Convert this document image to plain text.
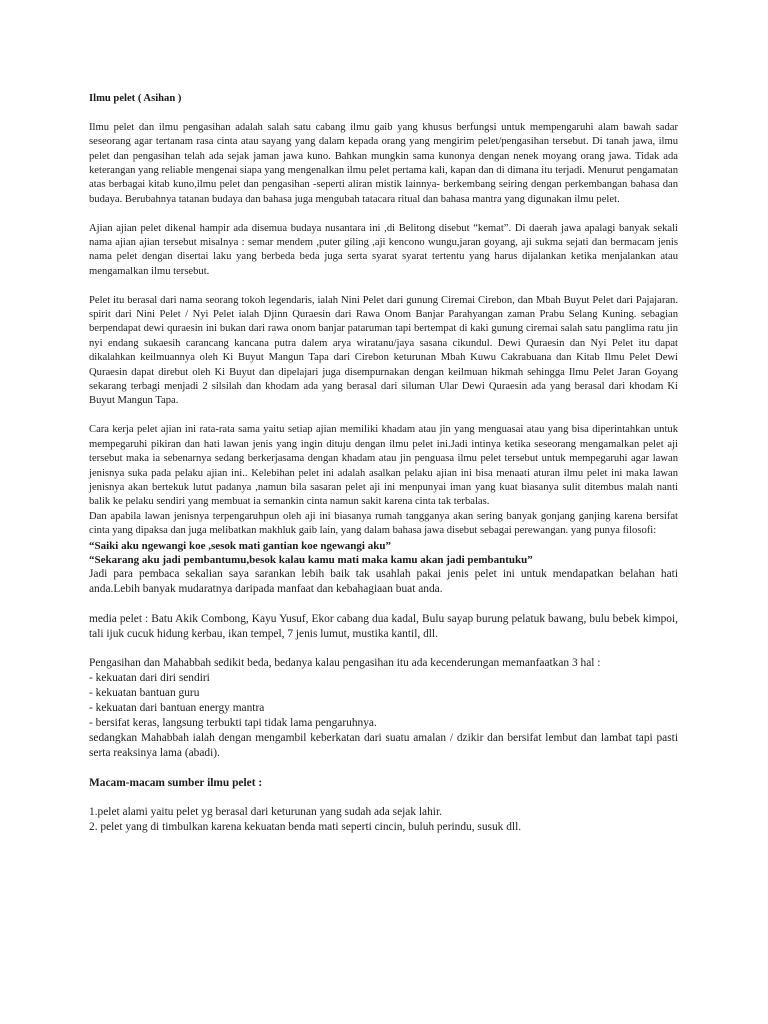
Ilmu pelet ( Asihan )

Ilmu pelet dan ilmu pengasihan adalah salah satu cabang ilmu gaib yang khusus berfungsi untuk mempengaruhi alam bawah sadar seseorang agar tertanam rasa cinta atau sayang yang dalam kepada orang yang mengirim pelet/pengasihan tersebut. Di tanah jawa, ilmu pelet dan pengasihan telah ada sejak jaman jawa kuno. Bahkan mungkin sama kunonya dengan nenek moyang orang jawa. Tidak ada keterangan yang reliable mengenai siapa yang mengenalkan ilmu pelet pertama kali, kapan dan di dimana itu terjadi. Menurut pengamatan atas berbagai kitab kuno,ilmu pelet dan pengasihan -seperti aliran mistik lainnya- berkembang seiring dengan perkembangan bahasa dan budaya. Berubahnya tatanan budaya dan bahasa juga mengubah tatacara ritual dan bahasa mantra yang digunakan ilmu pelet.

Ajian ajian pelet dikenal hampir ada disemua budaya nusantara ini ,di Belitong disebut “kemat”. Di daerah jawa apalagi banyak sekali nama ajian ajian tersebut misalnya : semar mendem ,puter giling ,aji kencono wungu,jaran goyang, aji sukma sejati dan bermacam jenis nama pelet dengan disertai laku yang berbeda beda juga serta syarat syarat tertentu yang harus dijalankan ketika menjalankan atau mengamalkan ilmu tersebut.

Pelet itu berasal dari nama seorang tokoh legendaris, ialah Nini Pelet dari gunung Ciremai Cirebon, dan Mbah Buyut Pelet dari Pajajaran. spirit dari Nini Pelet / Nyi Pelet ialah Djinn Quraesin dari Rawa Onom Banjar Parahyangan zaman Prabu Selang Kuning. sebagian berpendapat dewi quraesin ini bukan dari rawa onom banjar pataruman tapi bertempat di kaki gunung ciremai salah satu panglima ratu jin nyi endang sukaesih carancang kancana putra dalem arya wiratanu/jaya sasana cikundul. Dewi Quraesin dan Nyi Pelet itu dapat dikalahkan keilmuannya oleh Ki Buyut Mangun Tapa dari Cirebon keturunan Mbah Kuwu Cakrabuana dan Kitab Ilmu Pelet Dewi Quraesin dapat direbut oleh Ki Buyut dan dipelajari juga disempurnakan dengan keilmuan hikmah sehingga Ilmu Pelet Jaran Goyang sekarang terbagi menjadi 2 silsilah dan khodam ada yang berasal dari siluman Ular Dewi Quraesin ada yang berasal dari khodam Ki Buyut Mangun Tapa.

Cara kerja pelet ajian ini rata-rata sama yaitu setiap ajian memiliki khadam atau jin yang menguasai atau yang bisa diperintahkan untuk mempegaruhi pikiran dan hati lawan jenis yang ingin dituju dengan ilmu pelet ini.Jadi intinya ketika seseorang mengamalkan pelet aji tersebut maka ia sebenarnya sedang berkerjasama dengan khadam atau jin penguasa ilmu pelet tersebut untuk mempegaruhi agar lawan jenisnya suka pada pelaku ajian ini.. Kelebihan pelet ini adalah asalkan pelaku ajian ini bisa menaati aturan ilmu pelet ini maka lawan jenisnya akan bertekuk lutut padanya ,namun bila sasaran pelet aji ini menpunyai iman yang kuat biasanya sulit ditembus malah nanti balik ke pelaku sendiri yang membuat ia semankin cinta namun sakit karena cinta tak terbalas.

Dan apabila lawan jenisnya terpengaruhpun oleh aji ini biasanya rumah tangganya akan sering banyak gonjang ganjing karena bersifat cinta yang dipaksa dan juga melibatkan makhluk gaib lain, yang dalam bahasa jawa disebut sebagai perewangan. yang punya filosofi:

“Saiki aku ngewangi koe ,sesok mati gantian koe ngewangi aku”

“Sekarang aku jadi pembantumu,besok kalau kamu mati maka kamu akan jadi pembantuku”

Jadi para pembaca sekalian saya sarankan lebih baik tak usahlah pakai jenis pelet ini untuk mendapatkan belahan hati anda.Lebih banyak mudaratnya daripada manfaat dan kebahagiaan buat anda.

media pelet : Batu Akik Combong, Kayu Yusuf, Ekor cabang dua kadal, Bulu sayap burung pelatuk bawang, bulu bebek kimpoi, tali ijuk cucuk hidung kerbau, ikan tempel, 7 jenis lumut, mustika kantil, dll.

Pengasihan dan Mahabbah sedikit beda, bedanya kalau pengasihan itu ada kecenderungan memanfaatkan 3 hal :

- kekuatan dari diri sendiri

- kekuatan bantuan guru

- kekuatan dari bantuan energy mantra

- bersifat keras, langsung terbukti tapi tidak lama pengaruhnya.

sedangkan Mahabbah ialah dengan mengambil keberkatan dari suatu amalan / dzikir dan bersifat lembut dan lambat tapi pasti serta reaksinya lama (abadi).

Macam-macam sumber ilmu pelet :

1.pelet alami yaitu pelet yg berasal dari keturunan yang sudah ada sejak lahir.

2. pelet yang di timbulkan karena kekuatan benda mati seperti cincin, buluh perindu, susuk dll.
